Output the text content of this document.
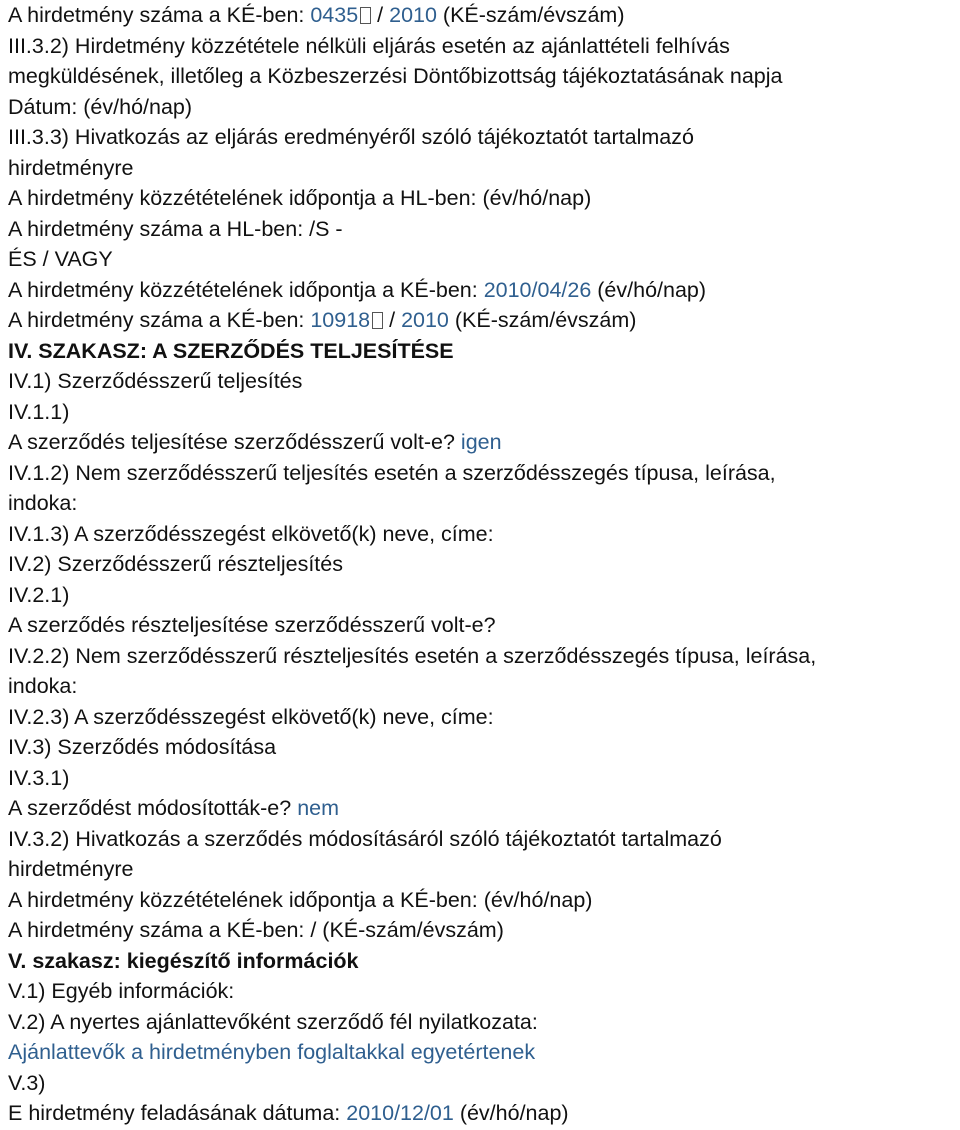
A hirdetmény száma a KÉ-ben: 0435 / 2010 (KÉ-szám/évszám)
III.3.2) Hirdetmény közzététele nélküli eljárás esetén az ajánlattételi felhívás
megküldésének, illetőleg a Közbeszerzési Döntőbizottság tájékoztatásának napja
Dátum: (év/hó/nap)
III.3.3) Hivatkozás az eljárás eredményéről szóló tájékoztatót tartalmazó
hirdetményre
A hirdetmény közzétételének időpontja a HL-ben: (év/hó/nap)
A hirdetmény száma a HL-ben: /S -
ÉS / VAGY
A hirdetmény közzétételének időpontja a KÉ-ben: 2010/04/26 (év/hó/nap)
A hirdetmény száma a KÉ-ben: 10918 / 2010 (KÉ-szám/évszám)
IV. SZAKASZ: A SZERZŐDÉS TELJESÍTÉSE
IV.1) Szerződésszerű teljesítés
IV.1.1)
A szerződés teljesítése szerződésszerű volt-e? igen
IV.1.2) Nem szerződésszerű teljesítés esetén a szerződésszegés típusa, leírása,
indoka:
IV.1.3) A szerződésszegést elkövető(k) neve, címe:
IV.2) Szerződésszerű részteljesítés
IV.2.1)
A szerződés részteljesítése szerződésszerű volt-e?
IV.2.2) Nem szerződésszerű részteljesítés esetén a szerződésszegés típusa, leírása,
indoka:
IV.2.3) A szerződésszegést elkövető(k) neve, címe:
IV.3) Szerződés módosítása
IV.3.1)
A szerződést módosították-e? nem
IV.3.2) Hivatkozás a szerződés módosításáról szóló tájékoztatót tartalmazó
hirdetményre
A hirdetmény közzétételének időpontja a KÉ-ben: (év/hó/nap)
A hirdetmény száma a KÉ-ben: / (KÉ-szám/évszám)
V. szakasz: kiegészítő információk
V.1) Egyéb információk:
V.2) A nyertes ajánlattevőként szerződő fél nyilatkozata:
Ajánlattevők a hirdetményben foglaltakkal egyetértenek
V.3)
E hirdetmény feladásának dátuma: 2010/12/01 (év/hó/nap)
